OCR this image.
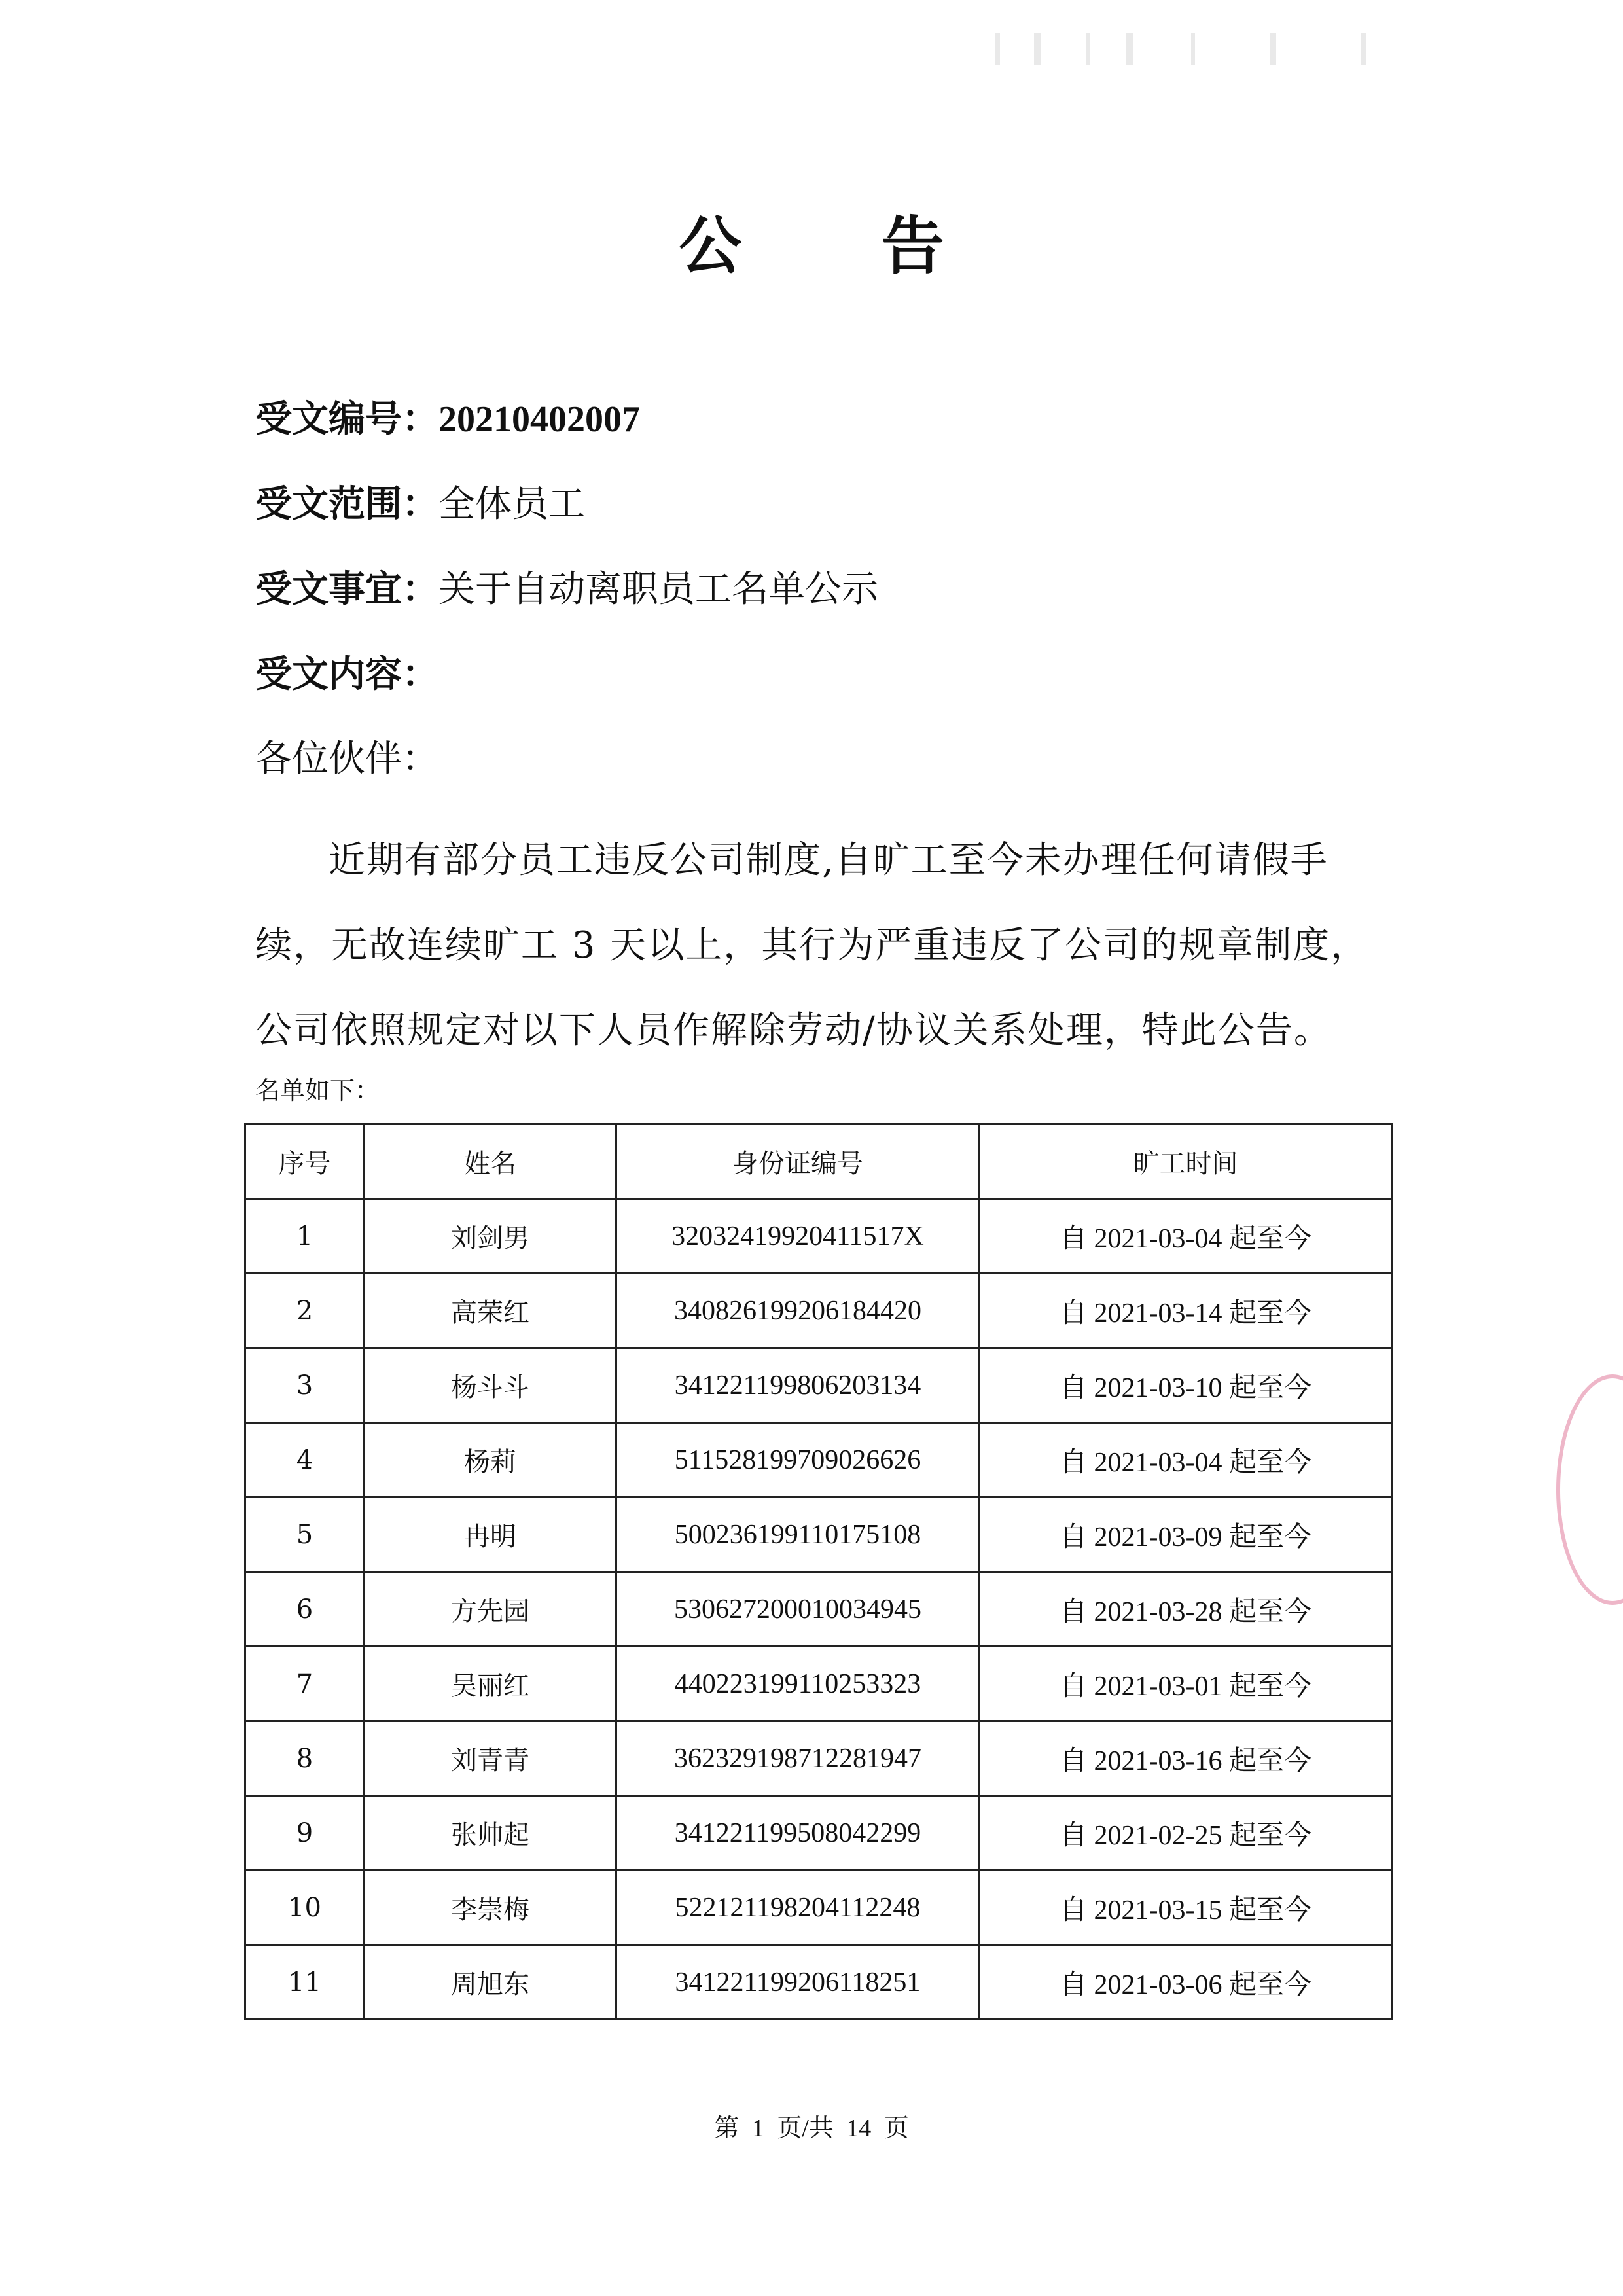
公 告
受文编号：20210402007
受文范围：全体员工
受文事宜：关于自动离职员工名单公示
受文内容：
各位伙伴：
近期有部分员工违反公司制度,自旷工至今未办理任何请假手续，无故连续旷工 3 天以上，其行为严重违反了公司的规章制度，公司依照规定对以下人员作解除劳动/协议关系处理，特此公告。
名单如下：
序号	姓名	身份证编号	旷工时间
1	刘剑男	32032419920411517X	自 2021-03-04 起至今
2	高荣红	340826199206184420	自 2021-03-14 起至今
3	杨斗斗	341221199806203134	自 2021-03-10 起至今
4	杨莉	511528199709026626	自 2021-03-04 起至今
5	冉明	500236199110175108	自 2021-03-09 起至今
6	方先园	530627200010034945	自 2021-03-28 起至今
7	吴丽红	440223199110253323	自 2021-03-01 起至今
8	刘青青	362329198712281947	自 2021-03-16 起至今
9	张帅起	341221199508042299	自 2021-02-25 起至今
10	李崇梅	522121198204112248	自 2021-03-15 起至今
11	周旭东	341221199206118251	自 2021-03-06 起至今
第 1 页/共 14 页
